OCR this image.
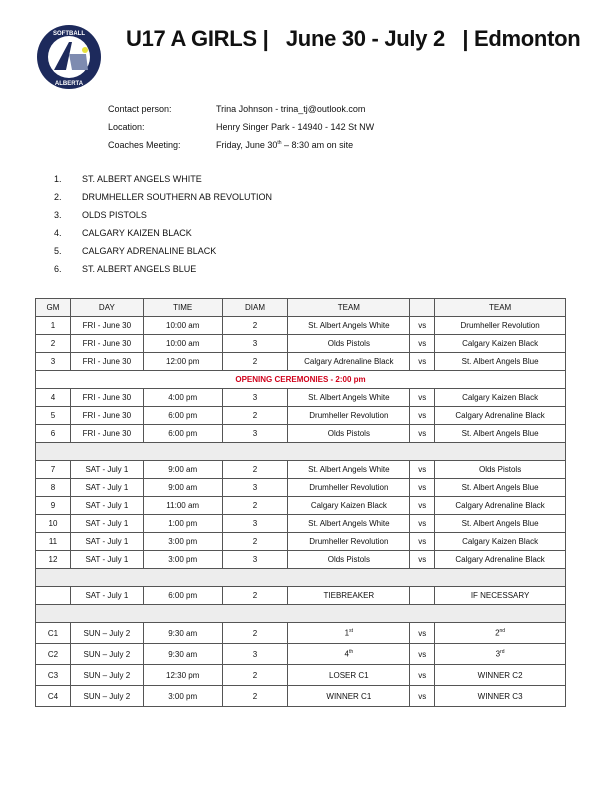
SOFTBALL
ALBERTA
U17 A GIRLS |   June 30 - July 2   | Edmonton
Contact person:	Trina Johnson - trina_tj@outlook.com
Location:	Henry Singer Park - 14940 - 142 St NW
Coaches Meeting:	Friday, June 30th – 8:30 am on site
1.	ST. ALBERT ANGELS WHITE
2.	DRUMHELLER SOUTHERN AB REVOLUTION
3.	OLDS PISTOLS
4.	CALGARY KAIZEN BLACK
5.	CALGARY ADRENALINE BLACK
6.	ST. ALBERT ANGELS BLUE
GM	DAY	TIME	DIAM	TEAM		TEAM
1	FRI - June 30	10:00 am	2	St. Albert Angels White	vs	Drumheller Revolution
2	FRI - June 30	10:00 am	3	Olds Pistols	vs	Calgary Kaizen Black
3	FRI - June 30	12:00 pm	2	Calgary Adrenaline Black	vs	St. Albert Angels Blue
OPENING CEREMONIES - 2:00 pm						
4	FRI - June 30	4:00 pm	3	St. Albert Angels White	vs	Calgary Kaizen Black
5	FRI - June 30	6:00 pm	2	Drumheller Revolution	vs	Calgary Adrenaline Black
6	FRI - June 30	6:00 pm	3	Olds Pistols	vs	St. Albert Angels Blue

7	SAT - July 1	9:00 am	2	St. Albert Angels White	vs	Olds Pistols
8	SAT - July 1	9:00 am	3	Drumheller Revolution	vs	St. Albert Angels Blue
9	SAT - July 1	11:00 am	2	Calgary Kaizen Black	vs	Calgary Adrenaline Black
10	SAT - July 1	1:00 pm	3	St. Albert Angels White	vs	St. Albert Angels Blue
11	SAT - July 1	3:00 pm	2	Drumheller Revolution	vs	Calgary Kaizen Black
12	SAT - July 1	3:00 pm	3	Olds Pistols	vs	Calgary Adrenaline Black

	SAT - July 1	6:00 pm	2	TIEBREAKER		IF NECESSARY

C1	SUN – July 2	9:30 am	2	1st	vs	2nd
C2	SUN – July 2	9:30 am	3	4th	vs	3rd
C3	SUN – July 2	12:30 pm	2	LOSER C1	vs	WINNER C2
C4	SUN – July 2	3:00 pm	2	WINNER C1	vs	WINNER C3
